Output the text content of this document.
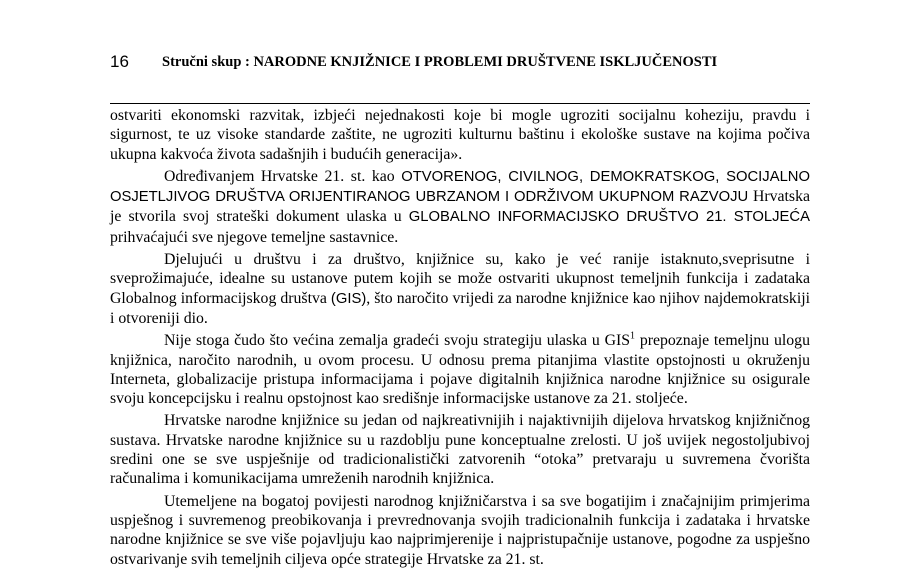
16 Stručni skup : NARODNE KNJIŽNICE I PROBLEMI DRUŠTVENE ISKLJUČENOSTI

ostvariti ekonomski razvitak, izbjeći nejednakosti koje bi mogle ugroziti socijalnu koheziju, pravdu i sigurnost, te uz visoke standarde zaštite, ne ugroziti kulturnu baštinu i ekološke sustave na kojima počiva ukupna kakvoća života sadašnjih i budućih generacija».

Određivanjem Hrvatske 21. st. kao OTVORENOG, CIVILNOG, DEMOKRATSKOG, SOCIJALNO OSJETLJIVOG DRUŠTVA ORIJENTIRANOG UBRZANOM I ODRŽIVOM UKUPNOM RAZVOJU Hrvatska je stvorila svoj strateški dokument ulaska u GLOBALNO INFORMACIJSKO DRUŠTVO 21. STOLJEĆA prihvaćajući sve njegove temeljne sastavnice.

Djelujući u društvu i za društvo, knjižnice su, kako je već ranije istaknuto,sveprisutne i sveprožimajuće, idealne su ustanove putem kojih se može ostvariti ukupnost temeljnih funkcija i zadataka Globalnog informacijskog društva (GIS), što naročito vrijedi za narodne knjižnice kao njihov najdemokratskiji i otvoreniji dio.

Nije stoga čudo što većina zemalja gradeći svoju strategiju ulaska u GIS$^1$ prepoznaje temeljnu ulogu knjižnica, naročito narodnih, u ovom procesu. U odnosu prema pitanjima vlastite opstojnosti u okruženju Interneta, globalizacije pristupa informacijama i pojave digitalnih knjižnica narodne knjižnice su osigurale svoju koncepcijsku i realnu opstojnost kao središnje informacijske ustanove za 21. stoljeće.

Hrvatske narodne knjižnice su jedan od najkreativnijih i najaktivnijih dijelova hrvatskog knjižničnog sustava. Hrvatske narodne knjižnice su u razdoblju pune konceptualne zrelosti. U još uvijek negostoljubivoj sredini one se sve uspješnije od tradicionalistički zatvorenih “otoka” pretvaraju u suvremena čvorišta računalima i komunikacijama umreženih narodnih knjižnica.

Utemeljene na bogatoj povijesti narodnog knjižničarstva i sa sve bogatijim i značajnijim primjerima uspješnog i suvremenog preobikovanja i prevrednovanja svojih tradicionalnih funkcija i zadataka i hrvatske narodne knjižnice se sve više pojavljuju kao najprimjerenije i najpristupačnije ustanove, pogodne za uspješno ostvarivanje svih temeljnih ciljeva opće strategije Hrvatske za 21. st.
